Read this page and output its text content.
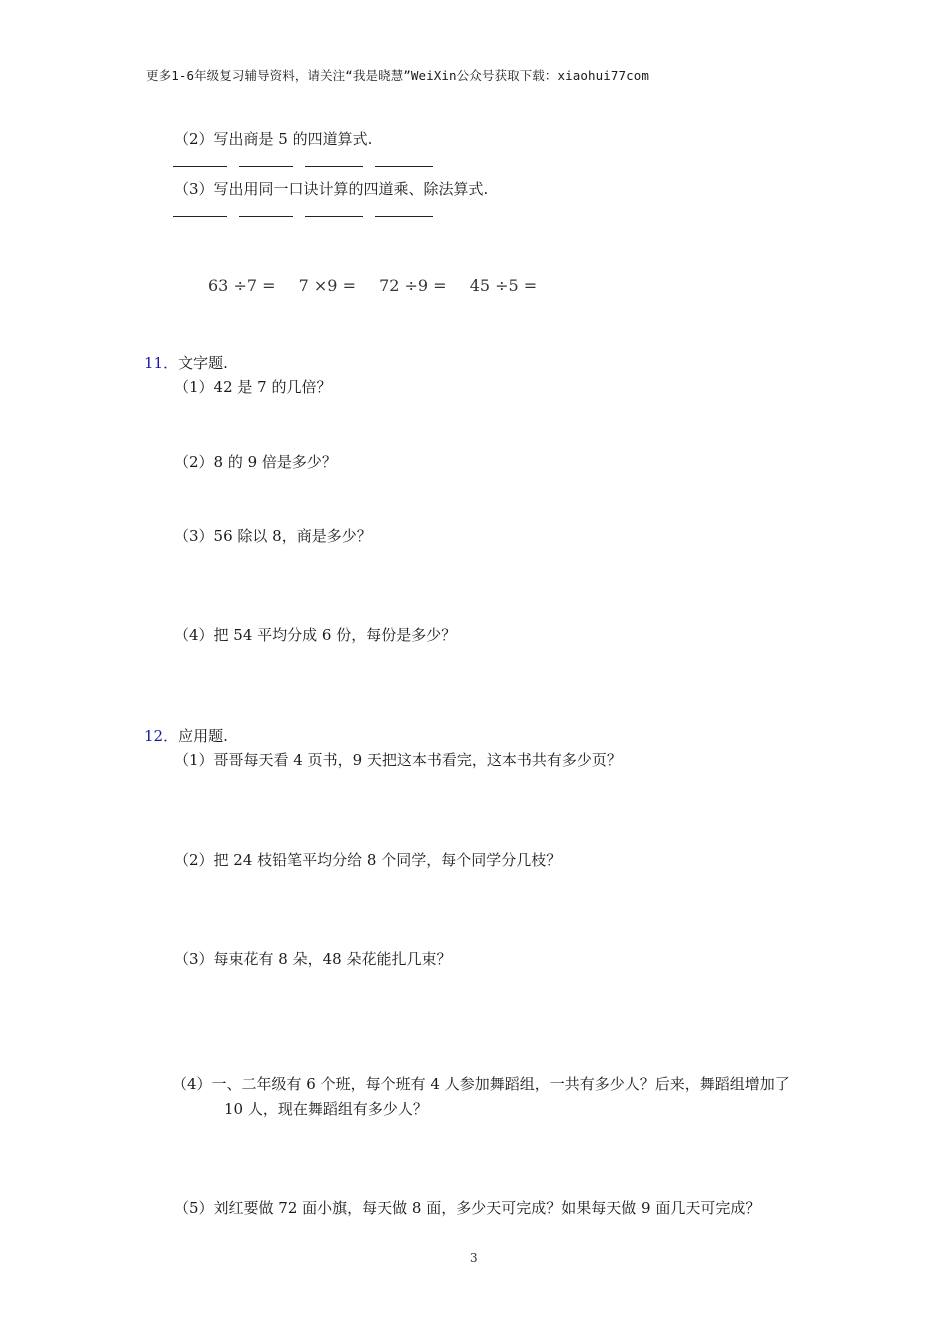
更多1-6年级复习辅导资料，请关注“我是晓慧”WeiXin公众号获取下载：xiaohui77com
（2）写出商是 5 的四道算式.
（3）写出用同一口诀计算的四道乘、除法算式.
63 ÷7 = 7 ×9 = 72 ÷9 = 45 ÷5 =
11．文字题.
（1）42 是 7 的几倍？
（2）8 的 9 倍是多少？
（3）56 除以 8，商是多少？
（4）把 54 平均分成 6 份，每份是多少？
12．应用题.
（1）哥哥每天看 4 页书，9 天把这本书看完，这本书共有多少页？
（2）把 24 枝铅笔平均分给 8 个同学，每个同学分几枝？
（3）每束花有 8 朵，48 朵花能扎几束？
（4）一、二年级有 6 个班，每个班有 4 人参加舞蹈组，一共有多少人？后来，舞蹈组增加了
10 人，现在舞蹈组有多少人？
（5）刘红要做 72 面小旗，每天做 8 面，多少天可完成？如果每天做 9 面几天可完成？
3
